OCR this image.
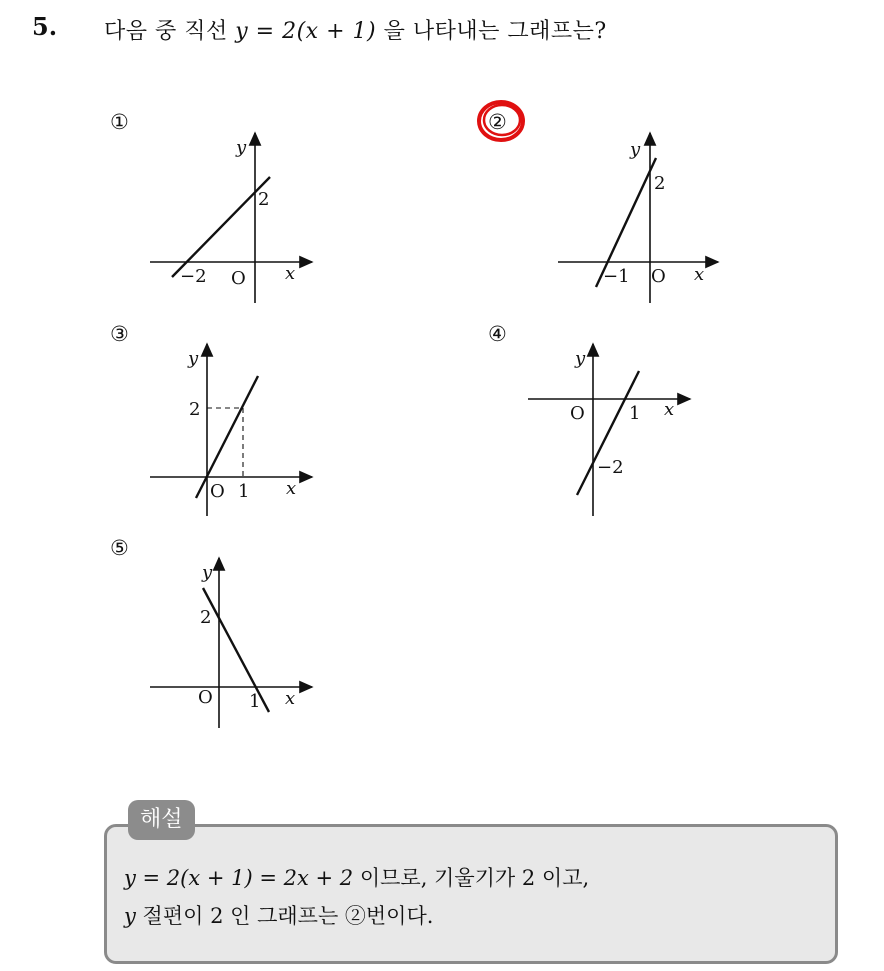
5. 다음 중 직선 y = 2(x + 1) 을 나타내는 그래프는?
①
y
2
−2 O x
②
y
2
−1 O x
③
y
2
O 1 x
④
y
O 1 x
−2
⑤
y
2
O 1 x
해설
y = 2(x + 1) = 2x + 2 이므로, 기울기가 2 이고,
y 절편이 2 인 그래프는 ②번이다.
